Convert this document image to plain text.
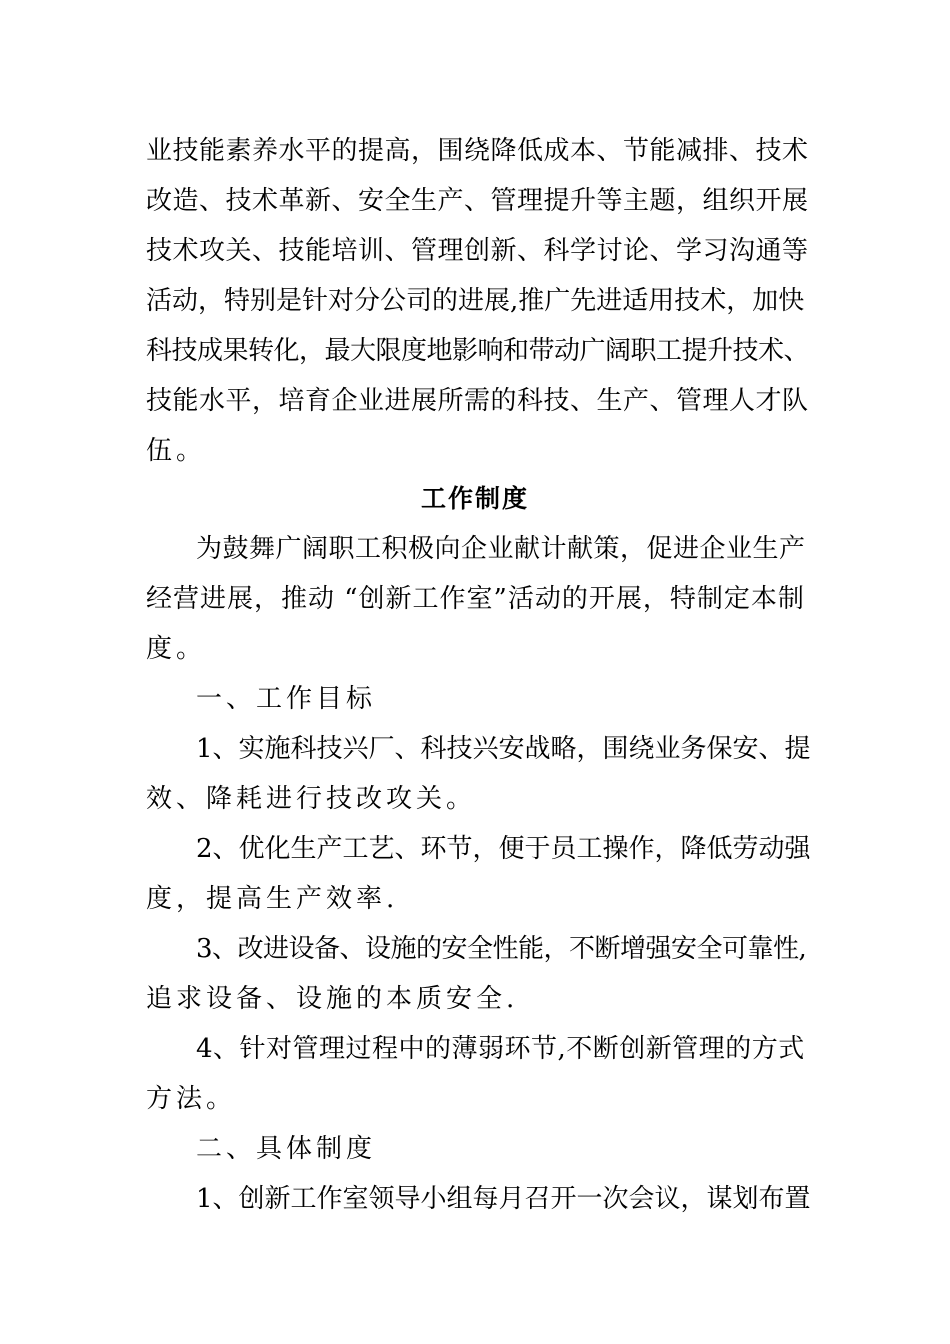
业技能素养水平的提高，围绕降低成本、节能减排、技术
改造、技术革新、安全生产、管理提升等主题，组织开展
技术攻关、技能培训、管理创新、科学讨论、学习沟通等
活动，特别是针对分公司的进展,推广先进适用技术，加快
科技成果转化，最大限度地影响和带动广阔职工提升技术、
技能水平，培育企业进展所需的科技、生产、管理人才队
伍。
工作制度
为鼓舞广阔职工积极向企业献计献策，促进企业生产
经营进展，推动 “创新工作室”活动的开展，特制定本制
度。
一、工作目标
1、实施科技兴厂、科技兴安战略，围绕业务保安、提
效、降耗进行技改攻关。
2、优化生产工艺、环节，便于员工操作，降低劳动强
度，提高生产效率.
3、改进设备、设施的安全性能，不断增强安全可靠性,
追求设备、设施的本质安全.
4、针对管理过程中的薄弱环节,不断创新管理的方式
方法。
二、具体制度
1、创新工作室领导小组每月召开一次会议，谋划布置
